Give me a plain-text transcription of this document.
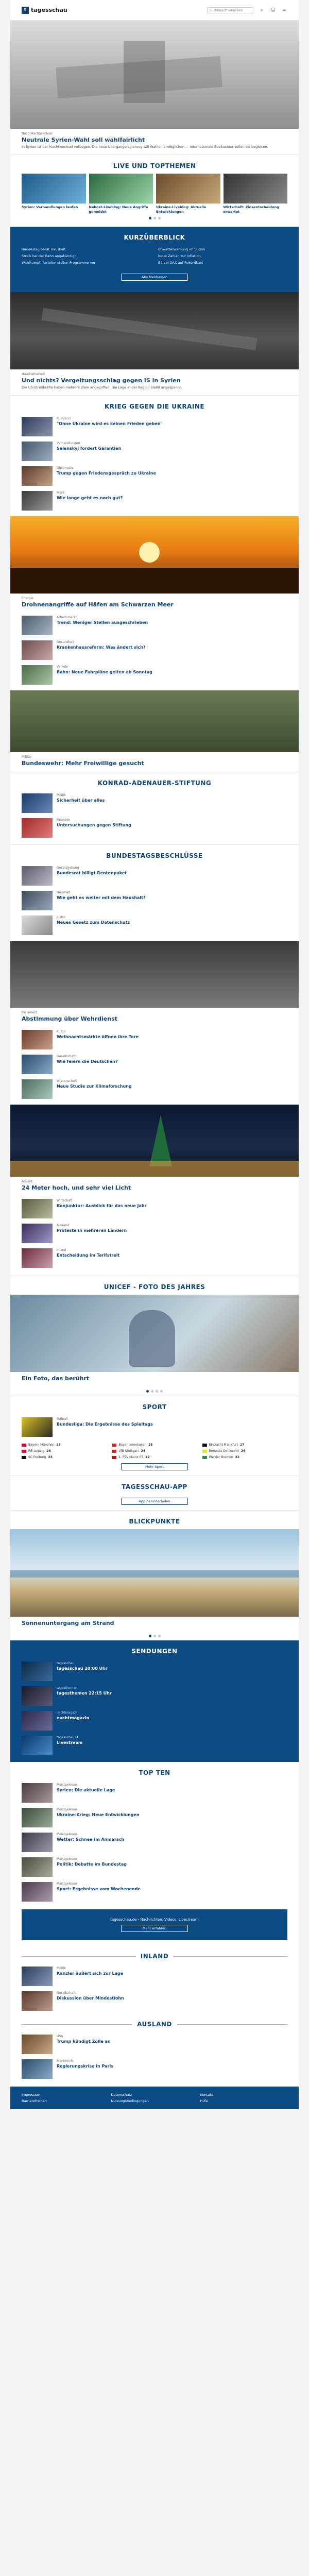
t tagesschau	Suchbegriff eingeben	⌕	☺ ≡
Nach Machtwechsel
Neutrale Syrien-Wahl soll wahlfairlicht
In Syrien ist der Machtwechsel vollzogen. Die neue Übergangsregierung will Wahlen ermöglichen — internationale Beobachter sollen sie begleiten.
LIVE UND TOPTHEMEN
Syrien: Verhandlungen laufen	Nahost-Liveblog: Neue Angriffe gemeldet
Ukraine-Liveblog: Aktuelle Entwicklungen
Wirtschaft: Zinsentscheidung erwartet
KURZÜBERBLICK
Bundestag berät Haushalt	Unwetterwarnung im Süden
Streik bei der Bahn angekündigt	Neue Zahlen zur Inflation
Wahlkampf: Parteien stellen Programme vor	Börse: DAX auf Rekordkurs
Alle Meldungen
Haushaltsstreit
Und nichts? Vergeltungsschlag gegen IS in Syrien
Die US-Streitkräfte haben mehrere Ziele angegriffen. Die Lage in der Region bleibt angespannt.
KRIEG GEGEN DIE UKRAINE
Russland
"Ohne Ukraine wird es keinen Frieden geben"
Verhandlungen
Selenskyj fordert Garantien
Diplomatie
Trump gegen Friedensgespräch zu Ukraine
Front
Wie lange geht es noch gut?
Energie
Drohnenangriffe auf Häfen am Schwarzen Meer
Arbeitsmarkt
Trend: Weniger Stellen ausgeschrieben
Gesundheit
Krankenhausreform: Was ändert sich?
Verkehr
Bahn: Neue Fahrpläne gelten ab Sonntag
Militär
Bundeswehr: Mehr Freiwillige gesucht
KONRAD-ADENAUER-STIFTUNG
Politik
Sicherheit über alles
Finanzen
Untersuchungen gegen Stiftung
BUNDESTAGSBESCHLÜSSE
Gesetzgebung
Bundesrat billigt Rentenpaket
Haushalt
Wie geht es weiter mit dem Haushalt?
Justiz
Neues Gesetz zum Datenschutz
Parlament
Abstimmung über Wehrdienst
Kultur
Weihnachtsmärkte öffnen ihre Tore
Gesellschaft
Wie feiern die Deutschen?
Wissenschaft
Neue Studie zur Klimaforschung
Advent
24 Meter hoch, und sehr viel Licht
Wirtschaft
Konjunktur: Ausblick für das neue Jahr
Ausland
Proteste in mehreren Ländern
Inland
Entscheidung im Tarifstreit
UNICEF - FOTO DES JAHRES
Ein Foto, das berührt
SPORT
Fußball
Bundesliga: Die Ergebnisse des Spieltags
Bayern München 33	Bayer Leverkusen 28	Eintracht Frankfurt 27
RB Leipzig 26	VfB Stuttgart 24	Borussia Dortmund 24
SC Freiburg 23	1. FSV Mainz 05 22	Werder Bremen 22
Mehr Sport
TAGESSCHAU-APP
App herunterladen
BLICKPUNKTE
Sonnenuntergang am Strand
SENDUNGEN
tagesschau
tagesschau 20:00 Uhr
tagesthemen
tagesthemen 22:15 Uhr
nachtmagazin
nachtmagazin
tagesschau24
Livestream
TOP TEN
Meistgelesen
Syrien: Die aktuelle Lage
Meistgelesen
Ukraine-Krieg: Neue Entwicklungen
Meistgelesen
Wetter: Schnee im Anmarsch
Meistgelesen
Politik: Debatte im Bundestag
Meistgelesen
Sport: Ergebnisse vom Wochenende
tagesschau.de - Nachrichten, Videos, Livestream
Mehr erfahren
INLAND
Politik
Kanzler äußert sich zur Lage
Gesellschaft
Diskussion über Mindestlohn
AUSLAND
USA
Trump kündigt Zölle an
Frankreich
Regierungskrise in Paris
Impressum	Datenschutz	Kontakt
Barrierefreiheit	Nutzungsbedingungen	Hilfe
